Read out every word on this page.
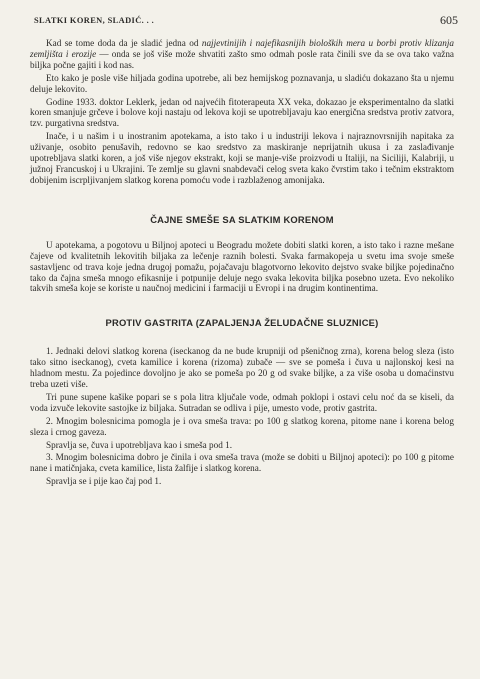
SLATKI KOREN, SLADIĆ. . .	605

Kad se tome doda da je sladić jedna od najjevtinijih i najefikasnijih bioloških mera u borbi protiv klizanja zemljišta i erozije — onda se još više može shvatiti zašto smo odmah posle rata činili sve da se ova tako važna biljka počne gajiti i kod nas.

Eto kako je posle više hiljada godina upotrebe, ali bez hemijskog poznavanja, u sladiću dokazano šta u njemu deluje lekovito.

Godine 1933. doktor Leklerk, jedan od najvećih fitoterapeuta XX veka, dokazao je eksperimentalno da slatki koren smanjuje grčeve i bolove koji nastaju od lekova koji se upotrebljavaju kao energična sredstva protiv zatvora, tzv. purgativna sredstva.

Inače, i u našim i u inostranim apotekama, a isto tako i u industriji lekova i najraznovrsnijih napitaka za uživanje, osobito penušavih, redovno se kao sredstvo za maskiranje neprijatnih ukusa i za zaslađivanje upotrebljava slatki koren, a još više njegov ekstrakt, koji se manje-više proizvodi u Italiji, na Siciliji, Kalabriji, u južnoj Francuskoj i u Ukrajini. Te zemlje su glavni snabdevači celog sveta kako čvrstim tako i tečnim ekstraktom dobijenim iscrpljivanjem slatkog korena pomoću vode i razblaženog amonijaka.

ČAJNE SMEŠE SA SLATKIM KORENOM

U apotekama, a pogotovu u Biljnoj apoteci u Beogradu možete dobiti slatki koren, a isto tako i razne mešane čajeve od kvalitetnih lekovitih biljaka za lečenje raznih bolesti. Svaka farmakopeja u svetu ima svoje smeše sastavljenc od trava koje jedna drugoj pomažu, pojačavaju blagotvorno lekovito dejstvo svake biljke pojedinačno tako da čajna smeša mnogo efikasnije i potpunije deluje nego svaka lekovita biljka posebno uzeta. Evo nekoliko takvih smeša koje se koriste u naučnoj medicini i farmaciji u Evropi i na drugim kontinentima.

PROTIV GASTRITA (ZAPALJENJA ŽELUDAČNE SLUZNICE)

1. Jednaki delovi slatkog korena (iseckanog da ne bude krupniji od pšeničnog zrna), korena belog sleza (isto tako sitno iseckanog), cveta kamilice i korena (rizoma) zubače — sve se pomeša i čuva u najlonskoj kesi na hladnom mestu. Za pojedince dovoljno je ako se pomeša po 20 g od svake biljke, a za više osoba u domaćinstvu treba uzeti više.

Tri pune supene kašike popari se s pola litra ključale vode, odmah poklopi i ostavi celu noć da se kiseli, da voda izvuče lekovite sastojke iz biljaka. Sutradan se odliva i pije, umesto vode, protiv gastrita.

2. Mnogim bolesnicima pomogla je i ova smeša trava: po 100 g slatkog korena, pitome nane i korena belog sleza i crnog gaveza.

Spravlja se, čuva i upotrebljava kao i smeša pod 1.

3. Mnogim bolesnicima dobro je činila i ova smeša trava (može se dobiti u Biljnoj apoteci): po 100 g pitome nane i matičnjaka, cveta kamilice, lista žalfije i slatkog korena.

Spravlja se i pije kao čaj pod 1.
